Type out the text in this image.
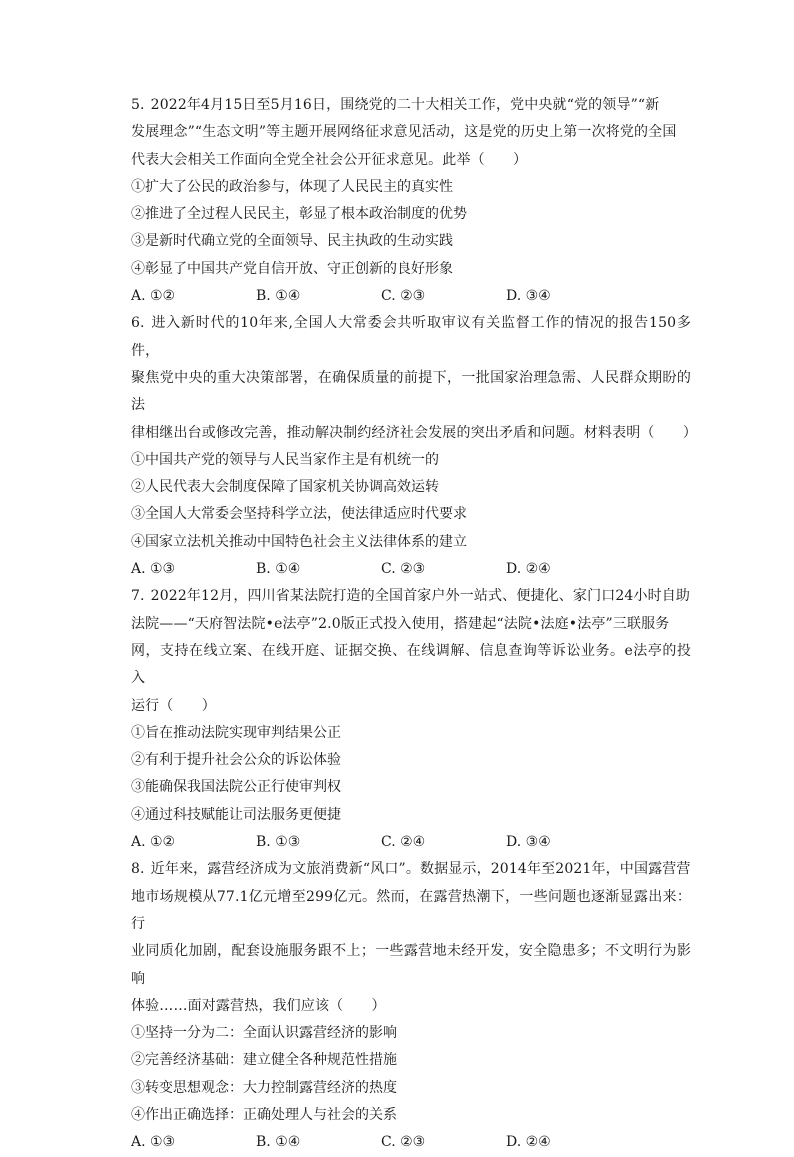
5. 2022年4月15日至5月16日，围绕党的二十大相关工作，党中央就“党的领导”“新
发展理念”“生态文明”等主题开展网络征求意见活动，这是党的历史上第一次将党的全国
代表大会相关工作面向全党全社会公开征求意见。此举（　　）

①扩大了公民的政治参与，体现了人民民主的真实性

②推进了全过程人民民主，彰显了根本政治制度的优势

③是新时代确立党的全面领导、民主执政的生动实践

④彰显了中国共产党自信开放、守正创新的良好形象

A. ①②	B. ①④	C. ②③	D. ③④

6. 进入新时代的10年来,全国人大常委会共听取审议有关监督工作的情况的报告150多件，
聚焦党中央的重大决策部署，在确保质量的前提下，一批国家治理急需、人民群众期盼的法
律相继出台或修改完善，推动解决制约经济社会发展的突出矛盾和问题。材料表明（　　）

①中国共产党的领导与人民当家作主是有机统一的

②人民代表大会制度保障了国家机关协调高效运转

③全国人大常委会坚持科学立法，使法律适应时代要求

④国家立法机关推动中国特色社会主义法律体系的建立

A. ①③	B. ①④	C. ②③	D. ②④

7. 2022年12月，四川省某法院打造的全国首家户外一站式、便捷化、家门口24小时自助
法院——“天府智法院•e法亭”2.0版正式投入使用，搭建起“法院•法庭•法亭”三联服务
网，支持在线立案、在线开庭、证据交换、在线调解、信息查询等诉讼业务。e法亭的投入
运行（　　）

①旨在推动法院实现审判结果公正

②有利于提升社会公众的诉讼体验

③能确保我国法院公正行使审判权

④通过科技赋能让司法服务更便捷

A. ①②	B. ①③	C. ②④	D. ③④

8. 近年来，露营经济成为文旅消费新“风口”。数据显示，2014年至2021年，中国露营营
地市场规模从77.1亿元增至299亿元。然而，在露营热潮下，一些问题也逐渐显露出来：行
业同质化加剧，配套设施服务跟不上；一些露营地未经开发，安全隐患多；不文明行为影响
体验……面对露营热，我们应该（　　）

①坚持一分为二：全面认识露营经济的影响

②完善经济基础：建立健全各种规范性措施

③转变思想观念：大力控制露营经济的热度

④作出正确选择：正确处理人与社会的关系

A. ①③	B. ①④	C. ②③	D. ②④
